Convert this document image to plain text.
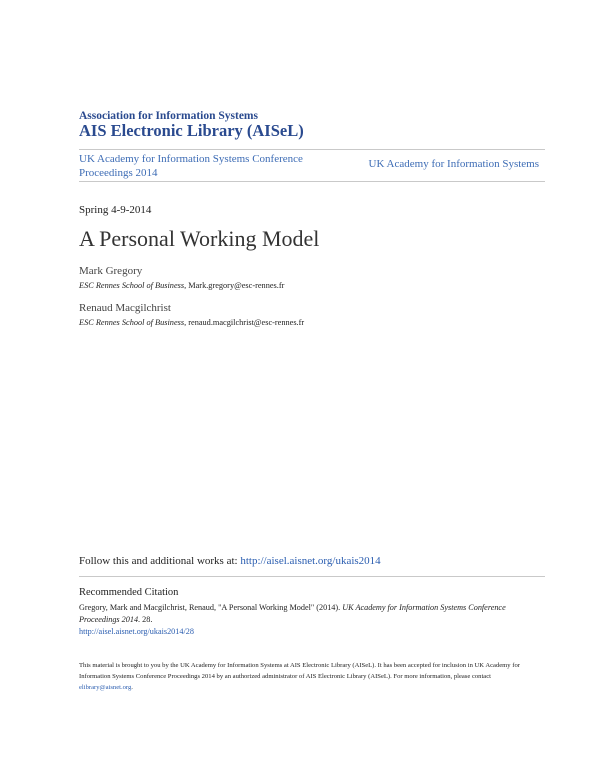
Association for Information Systems
AIS Electronic Library (AISeL)
UK Academy for Information Systems Conference Proceedings 2014
UK Academy for Information Systems
Spring 4-9-2014
A Personal Working Model
Mark Gregory
ESC Rennes School of Business, Mark.gregory@esc-rennes.fr
Renaud Macgilchrist
ESC Rennes School of Business, renaud.macgilchrist@esc-rennes.fr
Follow this and additional works at: http://aisel.aisnet.org/ukais2014
Recommended Citation
Gregory, Mark and Macgilchrist, Renaud, "A Personal Working Model" (2014). UK Academy for Information Systems Conference Proceedings 2014. 28.
http://aisel.aisnet.org/ukais2014/28
This material is brought to you by the UK Academy for Information Systems at AIS Electronic Library (AISeL). It has been accepted for inclusion in UK Academy for Information Systems Conference Proceedings 2014 by an authorized administrator of AIS Electronic Library (AISeL). For more information, please contact elibrary@aisnet.org.
